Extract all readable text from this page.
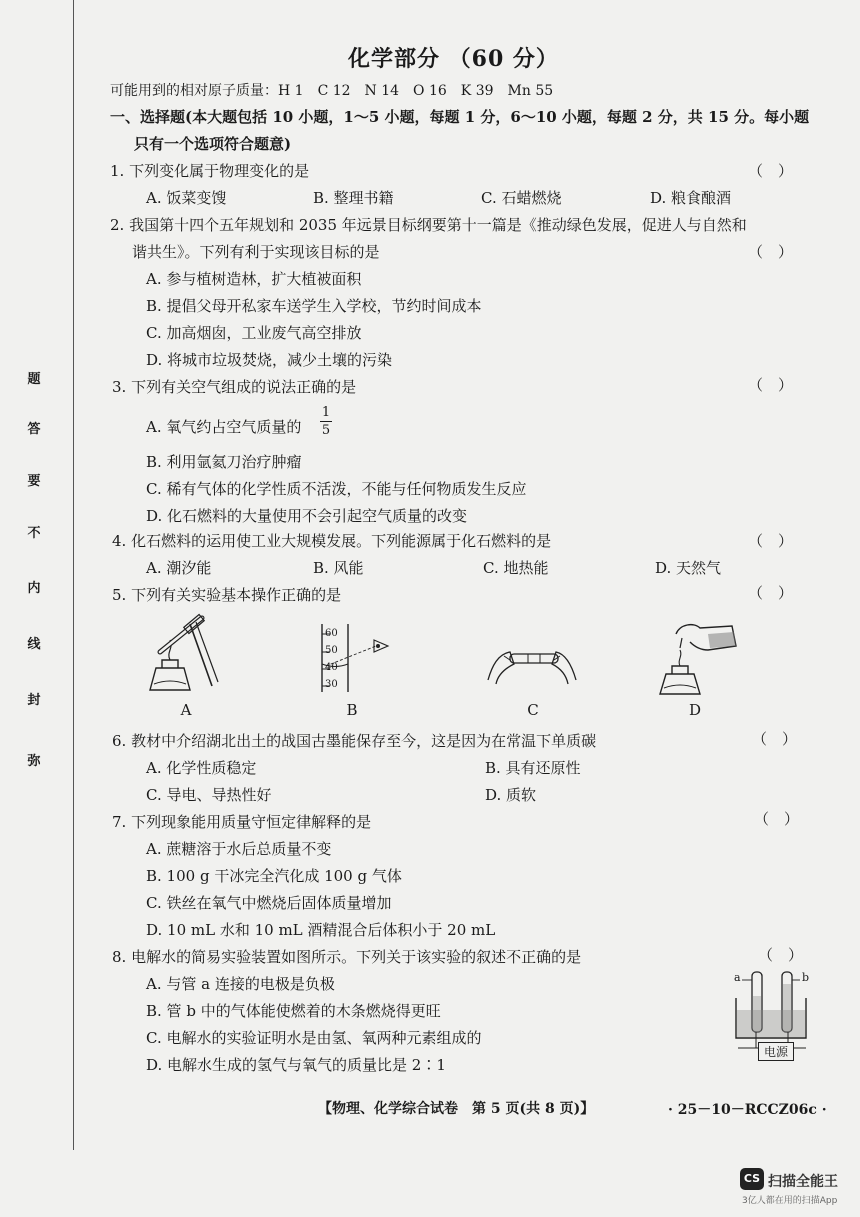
题
答
要
不
内
线
封
弥
化学部分 （60 分）
可能用到的相对原子质量：H 1　C 12　N 14　O 16　K 39　Mn 55
一、选择题(本大题包括 10 小题，1～5 小题，每题 1 分，6～10 小题，每题 2 分，共 15 分。每小题
只有一个选项符合题意)
1. 下列变化属于物理变化的是	（　）
A. 饭菜变馊	B. 整理书籍	C. 石蜡燃烧	D. 粮食酿酒
2. 我国第十四个五年规划和 2035 年远景目标纲要第十一篇是《推动绿色发展，促进人与自然和
谐共生》。下列有利于实现该目标的是	（　）
A. 参与植树造林，扩大植被面积
B. 提倡父母开私家车送学生入学校，节约时间成本
C. 加高烟囱，工业废气高空排放
D. 将城市垃圾焚烧，减少土壤的污染
3. 下列有关空气组成的说法正确的是	（　）
A. 氧气约占空气质量的
1
5
B. 利用氩氦刀治疗肿瘤
C. 稀有气体的化学性质不活泼，不能与任何物质发生反应
D. 化石燃料的大量使用不会引起空气质量的改变
4. 化石燃料的运用使工业大规模发展。下列能源属于化石燃料的是	（　）
A. 潮汐能	B. 风能	C. 地热能	D. 天然气
5. 下列有关实验基本操作正确的是	（　）
A
60
50
40
30
B	C	D
6. 教材中介绍湖北出土的战国古墨能保存至今，这是因为在常温下单质碳	（　）
A. 化学性质稳定	B. 具有还原性
C. 导电、导热性好	D. 质软
7. 下列现象能用质量守恒定律解释的是	（　）
A. 蔗糖溶于水后总质量不变
B. 100 g 干冰完全汽化成 100 g 气体
C. 铁丝在氧气中燃烧后固体质量增加
D. 10 mL 水和 10 mL 酒精混合后体积小于 20 mL
8. 电解水的简易实验装置如图所示。下列关于该实验的叙述不正确的是	（　）
A. 与管 a 连接的电极是负极
B. 管 b 中的气体能使燃着的木条燃烧得更旺
C. 电解水的实验证明水是由氢、氧两种元素组成的
D. 电解水生成的氢气与氧气的质量比是 2∶1
a	b
电源
【物理、化学综合试卷　第 5 页(共 8 页)】	· 25－10－RCCZ06c ·
CS 扫描全能王
3亿人都在用的扫描App
